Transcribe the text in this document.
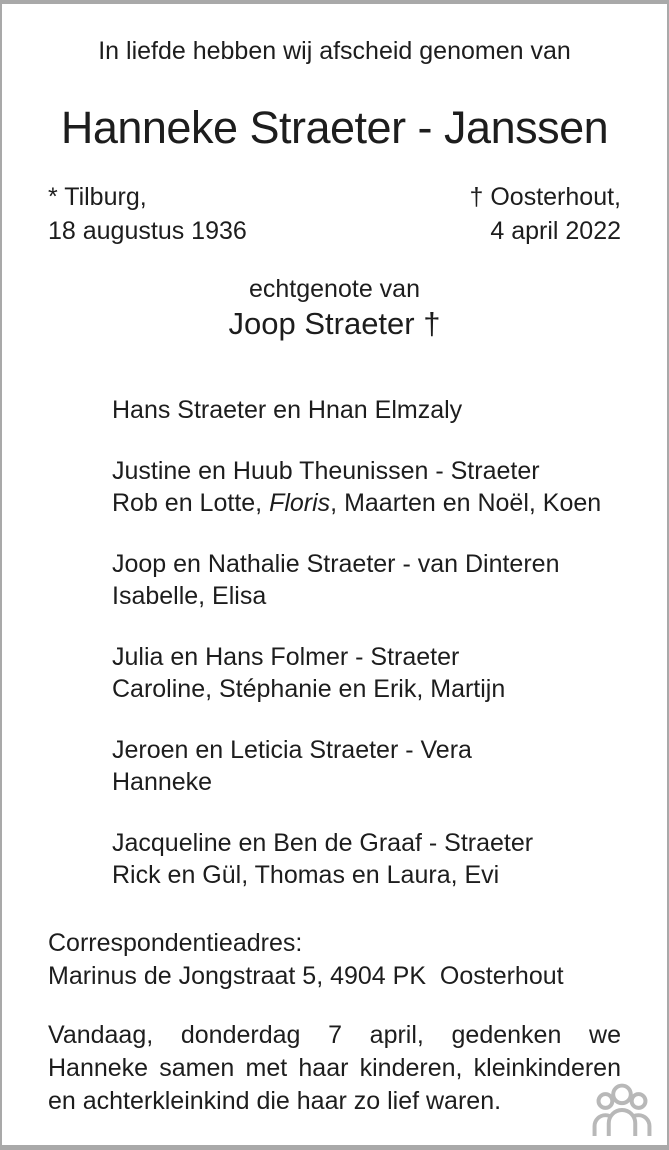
In liefde hebben wij afscheid genomen van
Hanneke Straeter - Janssen
* Tilburg,
18 augustus 1936
† Oosterhout,
4 april 2022
echtgenote van
Joop Straeter †
Hans Straeter en Hnan Elmzaly
Justine en Huub Theunissen - Straeter
Rob en Lotte, Floris, Maarten en Noël, Koen
Joop en Nathalie Straeter - van Dinteren
Isabelle, Elisa
Julia en Hans Folmer - Straeter
Caroline, Stéphanie en Erik, Martijn
Jeroen en Leticia Straeter - Vera
Hanneke
Jacqueline en Ben de Graaf - Straeter
Rick en Gül, Thomas en Laura, Evi
Correspondentieadres:
Marinus de Jongstraat 5, 4904 PK  Oosterhout
Vandaag, donderdag 7 april, gedenken we Hanneke samen met haar kinderen, kleinkinderen en achterkleinkind die haar zo lief waren.
